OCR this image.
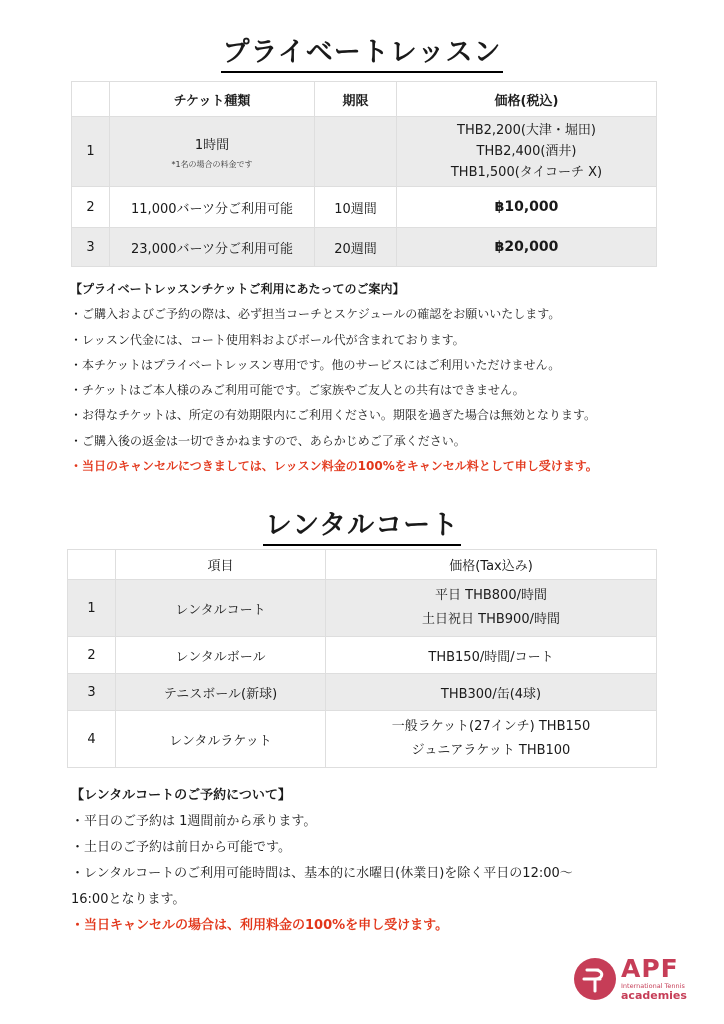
プライベートレッスン
	チケット種類	期限	価格(税込)
1	1時間
*1名の場合の料金です		THB2,200(大津・堀田)
THB2,400(酒井)
THB1,500(タイコーチ X)

2	11,000バーツ分ご利用可能	10週間	฿10,000
3	23,000バーツ分ご利用可能	20週間	฿20,000
【プライベートレッスンチケットご利用にあたってのご案内】
・ご購入およびご予約の際は、必ず担当コーチとスケジュールの確認をお願いいたします。
・レッスン代金には、コート使用料およびボール代が含まれております。
・本チケットはプライベートレッスン専用です。他のサービスにはご利用いただけません。
・チケットはご本人様のみご利用可能です。ご家族やご友人との共有はできません。
・お得なチケットは、所定の有効期限内にご利用ください。期限を過ぎた場合は無効となります。
・ご購入後の返金は一切できかねますので、あらかじめご了承ください。
・当日のキャンセルにつきましては、レッスン料金の100%をキャンセル料として申し受けます。
レンタルコート
	項目	価格(Tax込み)
1	レンタルコート	平日 THB800/時間
土日祝日 THB900/時間

2	レンタルボール	THB150/時間/コート
3	テニスボール(新球)	THB300/缶(4球)
4	レンタルラケット	一般ラケット(27インチ) THB150
ジュニアラケット THB100
【レンタルコートのご予約について】
・平日のご予約は 1週間前から承ります。
・土日のご予約は前日から可能です。
・レンタルコートのご利用可能時間は、基本的に水曜日(休業日)を除く平日の12:00〜
16:00となります。
・当日キャンセルの場合は、利用料金の100%を申し受けます。
APF
International Tennis
academies
